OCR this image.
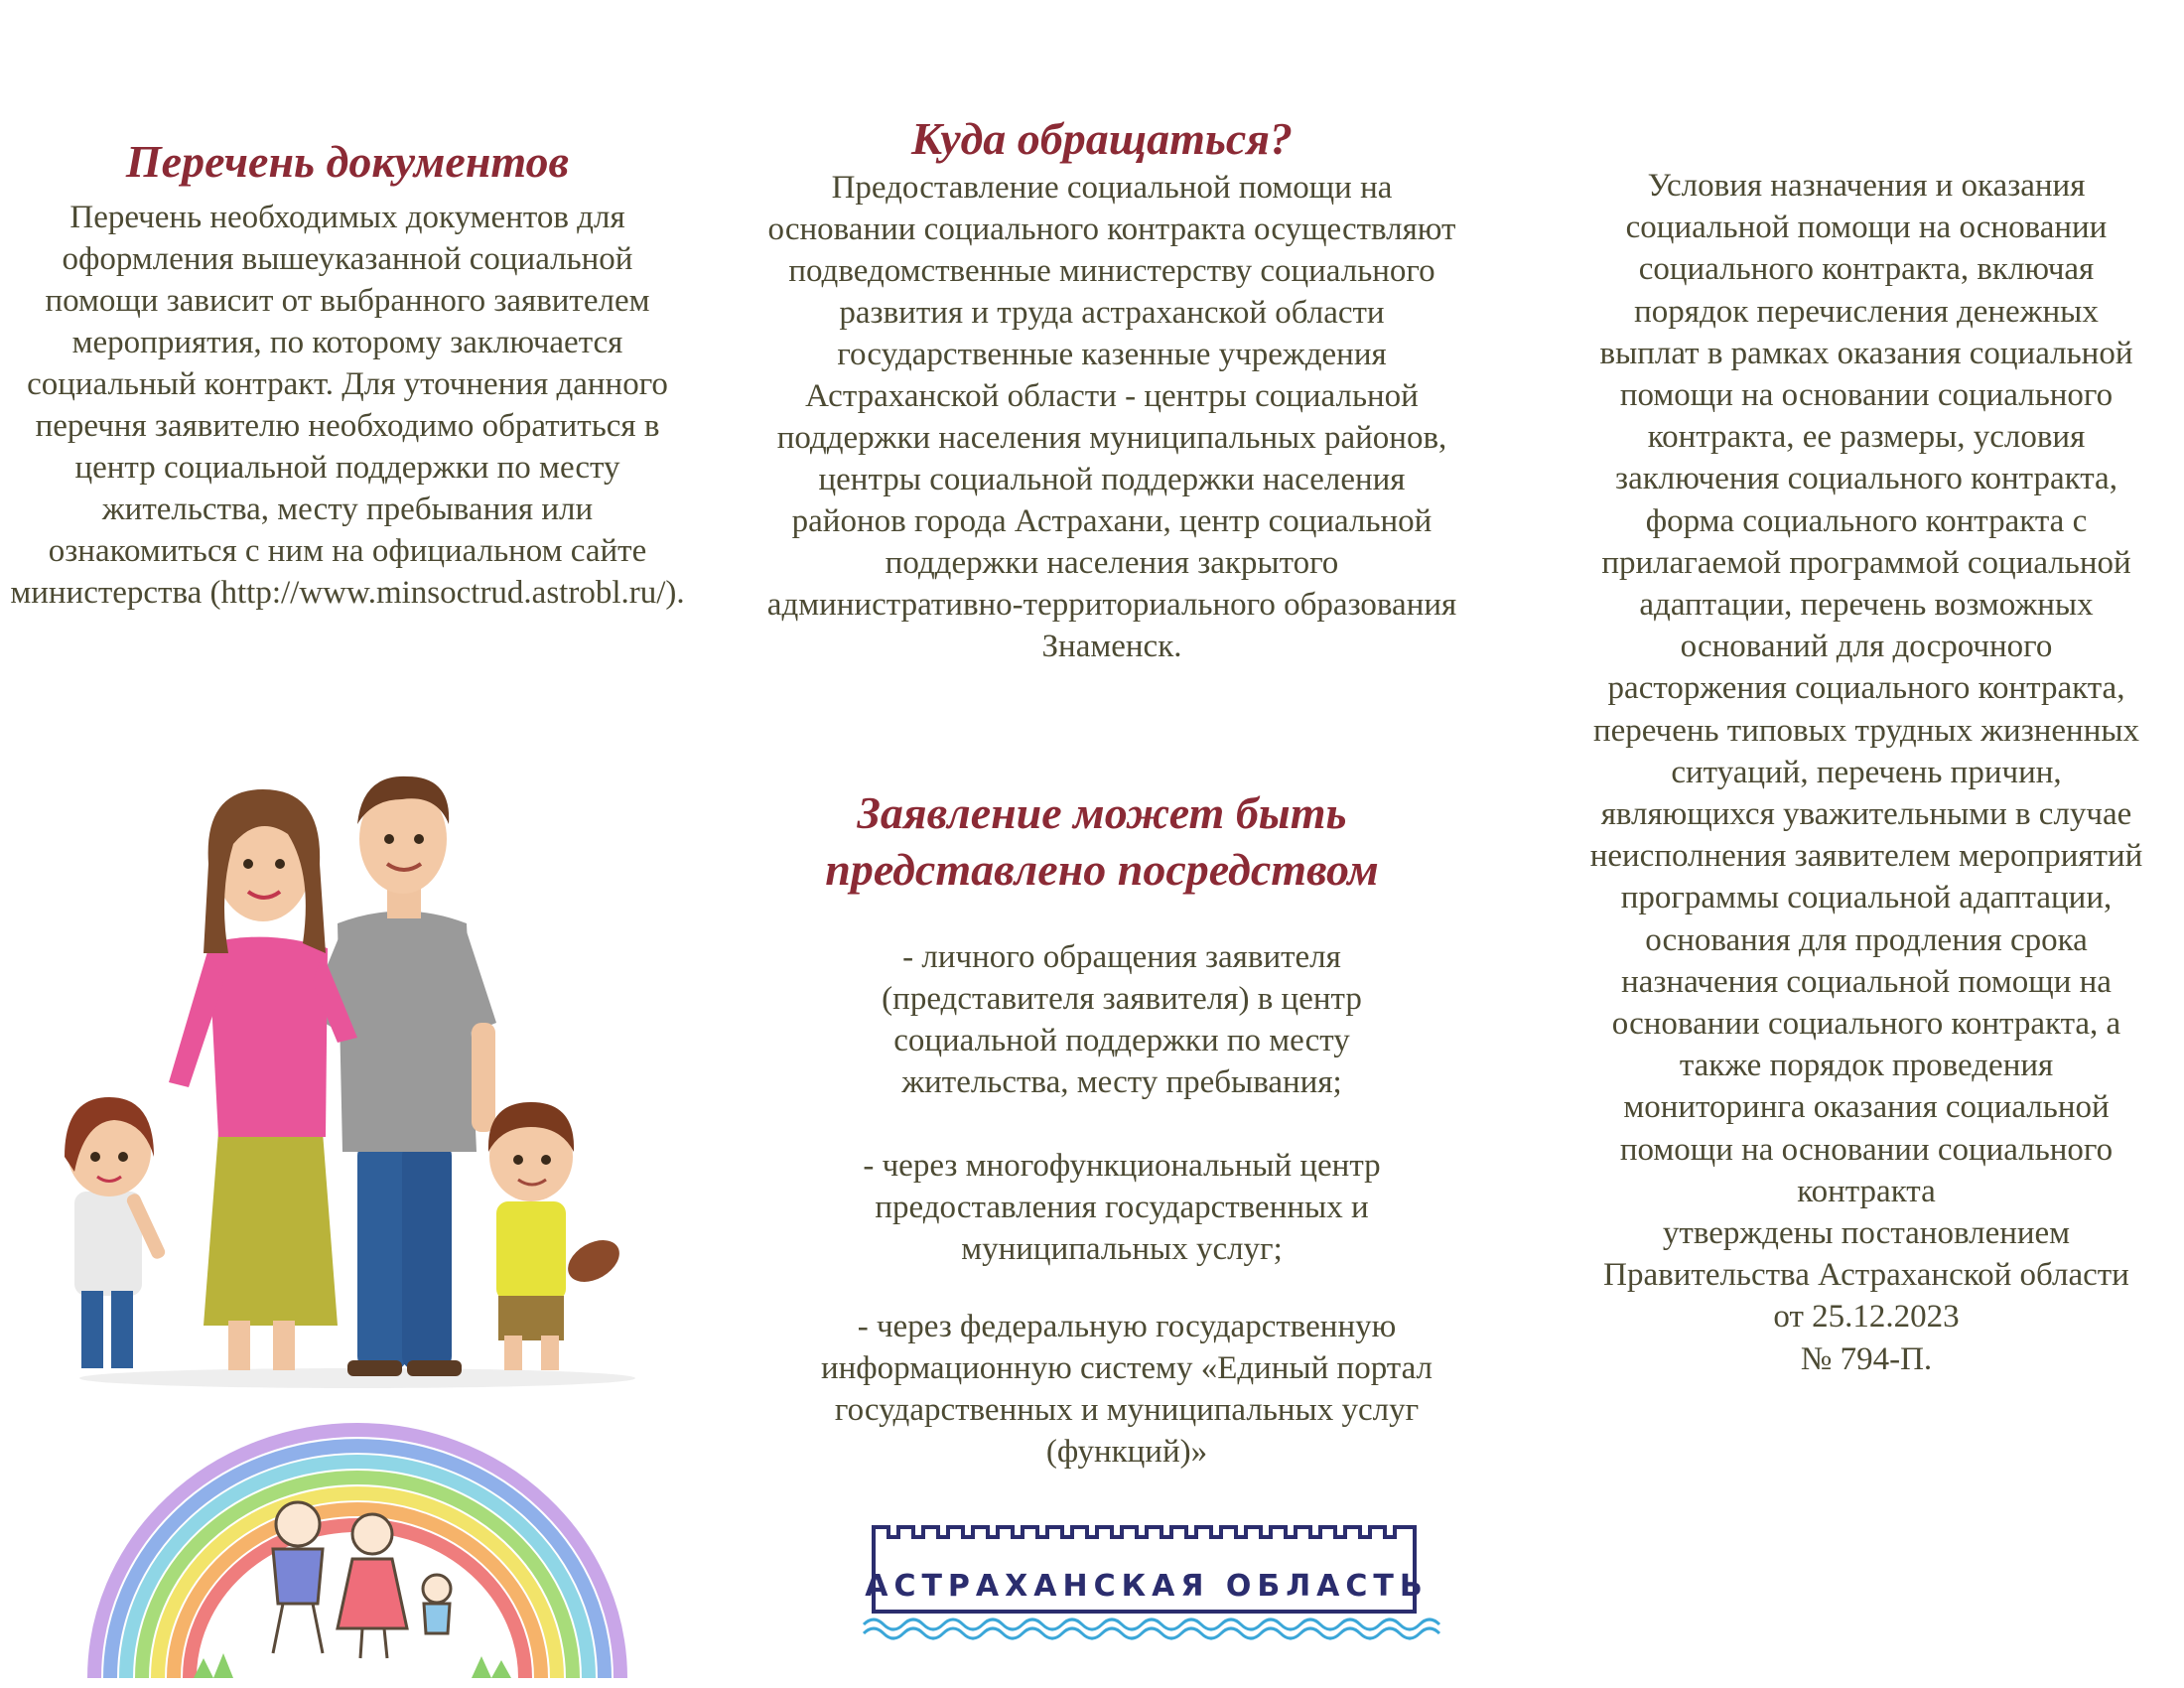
Перечень документов

Перечень необходимых документов для оформления вышеуказанной социальной помощи зависит от выбранного заявителем мероприятия, по которому заключается социальный контракт. Для уточнения данного перечня заявителю необходимо обратиться в центр социальной поддержки по месту жительства, месту пребывания или ознакомиться с ним на официальном сайте министерства (http://www.minsoctrud.astrobl.ru/).

Куда обращаться?

Предоставление социальной помощи на основании социального контракта осуществляют подведомственные министерству социального развития и труда астраханской области государственные казенные учреждения Астраханской области - центры социальной поддержки населения муниципальных районов, центры социальной поддержки населения районов города Астрахани, центр социальной поддержки населения закрытого административно-территориального образования Знаменск.

Заявление может быть представлено посредством

- личного обращения заявителя (представителя заявителя) в центр социальной поддержки по месту жительства, месту пребывания;

- через многофункциональный центр предоставления государственных и муниципальных услуг;

- через федеральную государственную информационную систему «Единый портал государственных и муниципальных услуг (функций)»

АСТРАХАНСКАЯ ОБЛАСТЬ
Условия назначения и оказания социальной помощи на основании социального контракта, включая порядок перечисления денежных выплат в рамках оказания социальной помощи на основании социального контракта, ее размеры, условия заключения социального контракта, форма социального контракта с прилагаемой программой социальной адаптации, перечень возможных оснований для досрочного расторжения социального контракта, перечень типовых трудных жизненных ситуаций, перечень причин, являющихся уважительными в случае неисполнения заявителем мероприятий программы социальной адаптации, основания для продления срока назначения социальной помощи на основании социального контракта, а также порядок проведения мониторинга оказания социальной помощи на основании социального контракта
утверждены постановлением Правительства Астраханской области от 25.12.2023
№ 794-П.
